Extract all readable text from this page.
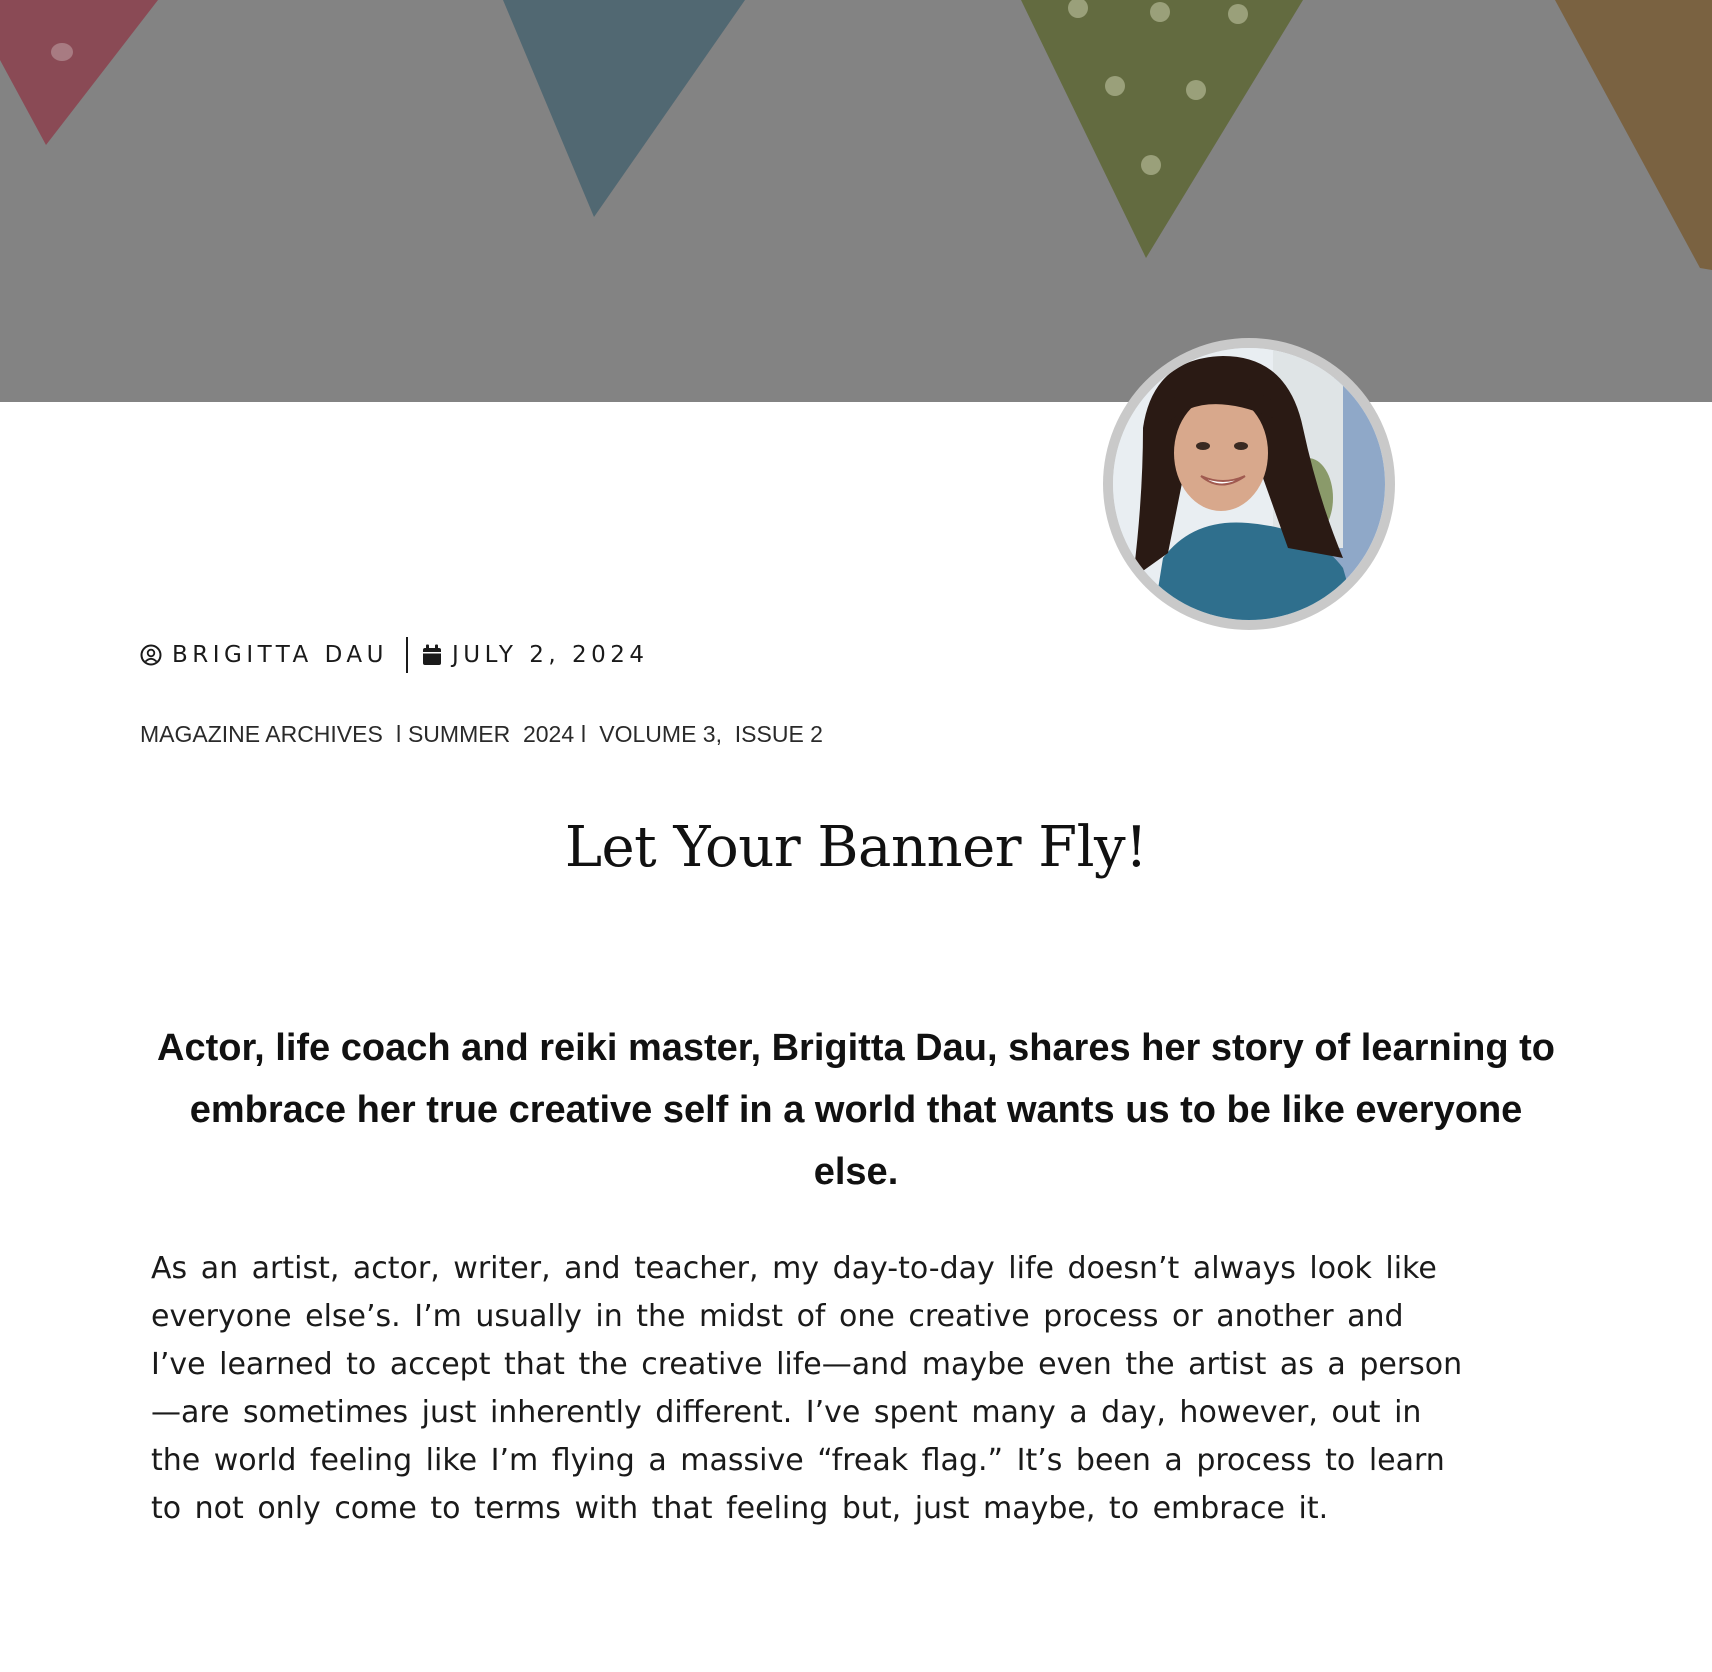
BRIGITTA DAU	JULY 2, 2024
MAGAZINE ARCHIVES  ǀ SUMMER  2024 ǀ  VOLUME 3,  ISSUE 2
Let Your Banner Fly!

Actor, life coach and reiki master, Brigitta Dau, shares her story of learning to embrace her true creative self in a world that wants us to be like everyone else.

As an artist, actor, writer, and teacher, my day-to-day life doesn’t always look like
everyone else’s. I’m usually in the midst of one creative process or another and
I’ve learned to accept that the creative life—and maybe even the artist as a person
—are sometimes just inherently different. I’ve spent many a day, however, out in
the world feeling like I’m flying a massive “freak flag.” It’s been a process to learn
to not only come to terms with that feeling but, just maybe, to embrace it.
